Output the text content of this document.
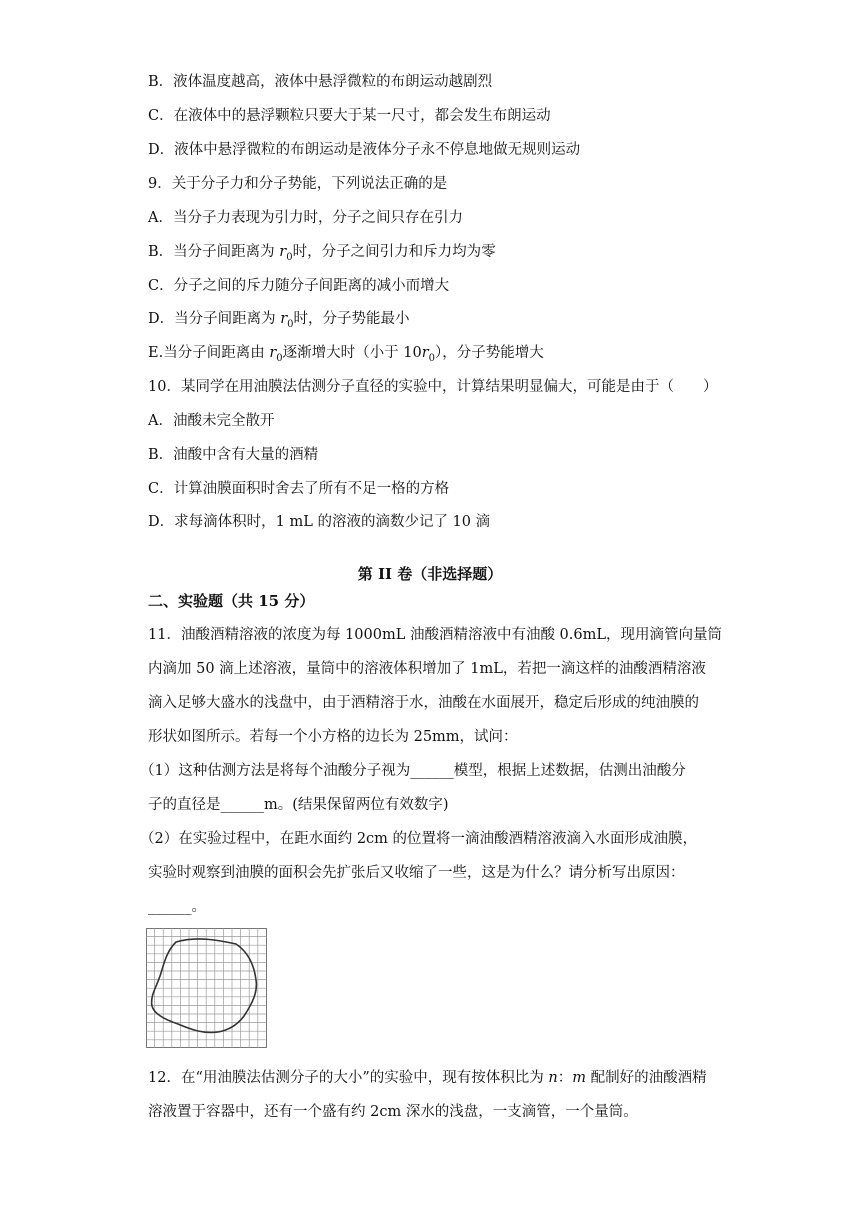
B．液体温度越高，液体中悬浮微粒的布朗运动越剧烈
C．在液体中的悬浮颗粒只要大于某一尺寸，都会发生布朗运动
D．液体中悬浮微粒的布朗运动是液体分子永不停息地做无规则运动
9．关于分子力和分子势能，下列说法正确的是
A．当分子力表现为引力时，分子之间只存在引力
B．当分子间距离为 $r_0$时，分子之间引力和斥力均为零
C．分子之间的斥力随分子间距离的减小而增大
D．当分子间距离为 $r_0$时，分子势能最小
E.当分子间距离由 $r_0$逐渐增大时（小于 $10r_0$），分子势能增大
10．某同学在用油膜法估测分子直径的实验中，计算结果明显偏大，可能是由于（　　）
A．油酸未完全散开
B．油酸中含有大量的酒精
C．计算油膜面积时舍去了所有不足一格的方格
D．求每滴体积时，1 mL 的溶液的滴数少记了 10 滴
第 II 卷（非选择题）
二、实验题（共 15 分）
11．油酸酒精溶液的浓度为每 1000mL 油酸酒精溶液中有油酸 0.6mL，现用滴管向量筒
内滴加 50 滴上述溶液，量筒中的溶液体积增加了 1mL，若把一滴这样的油酸酒精溶液
滴入足够大盛水的浅盘中，由于酒精溶于水，油酸在水面展开，稳定后形成的纯油膜的
形状如图所示。若每一个小方格的边长为 25mm，试问：
（1）这种估测方法是将每个油酸分子视为______模型，根据上述数据，估测出油酸分
子的直径是______m。(结果保留两位有效数字)
（2）在实验过程中，在距水面约 2cm 的位置将一滴油酸酒精溶液滴入水面形成油膜，
实验时观察到油膜的面积会先扩张后又收缩了一些，这是为什么？请分析写出原因：
______。
12．在“用油膜法估测分子的大小”的实验中，现有按体积比为 n：m 配制好的油酸酒精
溶液置于容器中，还有一个盛有约 2cm 深水的浅盘，一支滴管，一个量筒。
